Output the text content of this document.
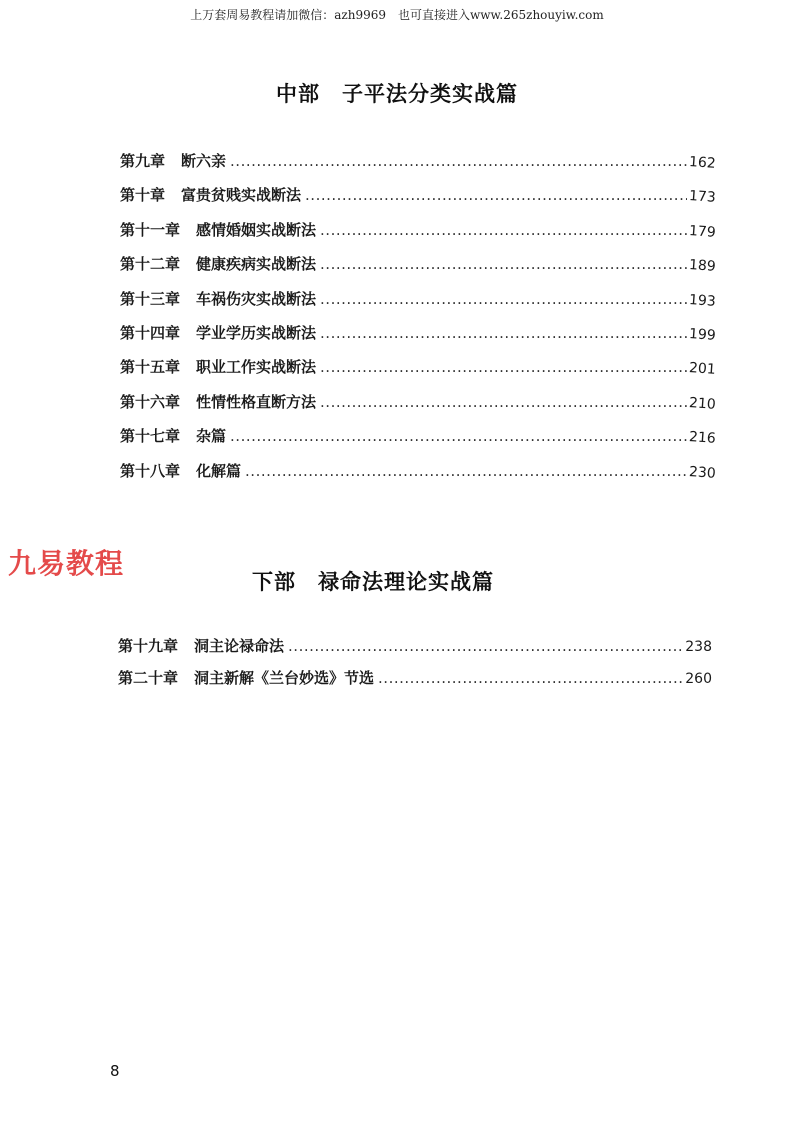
上万套周易教程请加微信：azh9969　也可直接进入www.265zhouyiw.com
中部　子平法分类实战篇
第九章 断六亲 .....	162
第十章 富贵贫贱实战断法 .....	173
第十一章 感情婚姻实战断法 .....	179
第十二章 健康疾病实战断法 .....	189
第十三章 车祸伤灾实战断法 .....	193
第十四章 学业学历实战断法 .....	199
第十五章 职业工作实战断法 .....	201
第十六章 性情性格直断方法 .....	210
第十七章 杂篇 .....	216
第十八章 化解篇 .....	230
九易教程
下部　禄命法理论实战篇
第十九章 洞主论禄命法 .....	238
第二十章 洞主新解《兰台妙选》节选 .....	260
8
